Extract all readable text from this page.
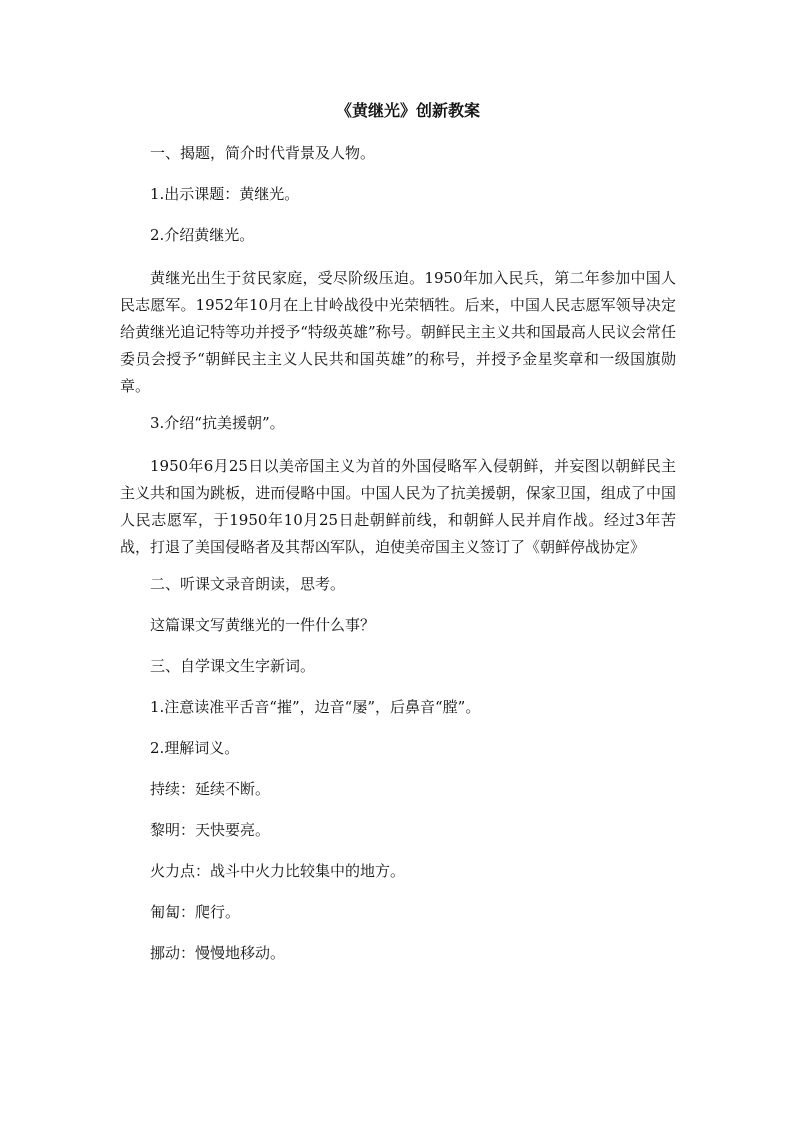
《黄继光》创新教案

一、揭题，简介时代背景及人物。

1.出示课题：黄继光。

2.介绍黄继光。

黄继光出生于贫民家庭，受尽阶级压迫。1950年加入民兵，第二年参加中国人民志愿军。1952年10月在上甘岭战役中光荣牺牲。后来，中国人民志愿军领导决定给黄继光追记特等功并授予“特级英雄”称号。朝鲜民主主义共和国最高人民议会常任委员会授予“朝鲜民主主义人民共和国英雄”的称号，并授予金星奖章和一级国旗勋章。

3.介绍“抗美援朝”。

1950年6月25日以美帝国主义为首的外国侵略军入侵朝鲜，并妄图以朝鲜民主主义共和国为跳板，进而侵略中国。中国人民为了抗美援朝，保家卫国，组成了中国人民志愿军，于1950年10月25日赴朝鲜前线，和朝鲜人民并肩作战。经过3年苦战，打退了美国侵略者及其帮凶军队，迫使美帝国主义签订了《朝鲜停战协定》

二、听课文录音朗读，思考。

这篇课文写黄继光的一件什么事？

三、自学课文生字新词。

1.注意读准平舌音“摧”，边音“屡”，后鼻音“膛”。

2.理解词义。

持续：延续不断。

黎明：天快要亮。

火力点：战斗中火力比较集中的地方。

匍匐：爬行。

挪动：慢慢地移动。
